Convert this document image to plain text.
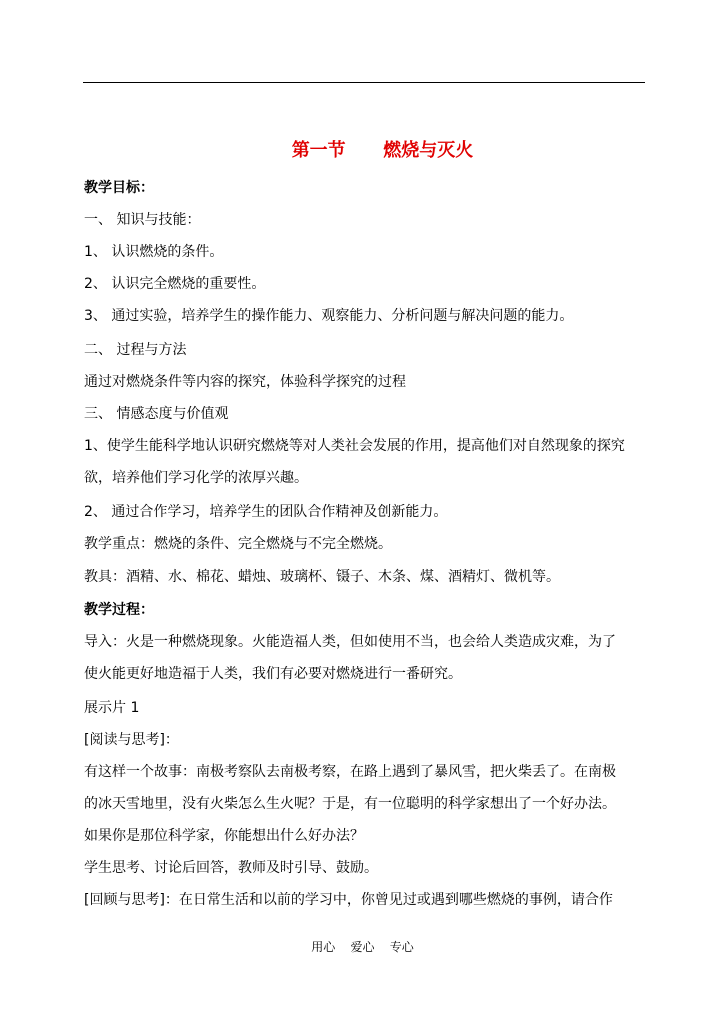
第一节      燃烧与灭火
教学目标：
一、 知识与技能：
1、 认识燃烧的条件。
2、 认识完全燃烧的重要性。
3、 通过实验，培养学生的操作能力、观察能力、分析问题与解决问题的能力。
二、 过程与方法
通过对燃烧条件等内容的探究，体验科学探究的过程
三、 情感态度与价值观
1、使学生能科学地认识研究燃烧等对人类社会发展的作用，提高他们对自然现象的探究
欲，培养他们学习化学的浓厚兴趣。
2、 通过合作学习，培养学生的团队合作精神及创新能力。
教学重点：燃烧的条件、完全燃烧与不完全燃烧。
教具：酒精、水、棉花、蜡烛、玻璃杯、镊子、木条、煤、酒精灯、微机等。
教学过程：
导入：火是一种燃烧现象。火能造福人类，但如使用不当，也会给人类造成灾难，为了
使火能更好地造福于人类，我们有必要对燃烧进行一番研究。
展示片 1
[阅读与思考]：
有这样一个故事：南极考察队去南极考察，在路上遇到了暴风雪，把火柴丢了。在南极
的冰天雪地里，没有火柴怎么生火呢？于是，有一位聪明的科学家想出了一个好办法。
如果你是那位科学家，你能想出什么好办法？
学生思考、讨论后回答，教师及时引导、鼓励。
[回顾与思考]：在日常生活和以前的学习中，你曾见过或遇到哪些燃烧的事例，请合作
用心    爱心    专心
